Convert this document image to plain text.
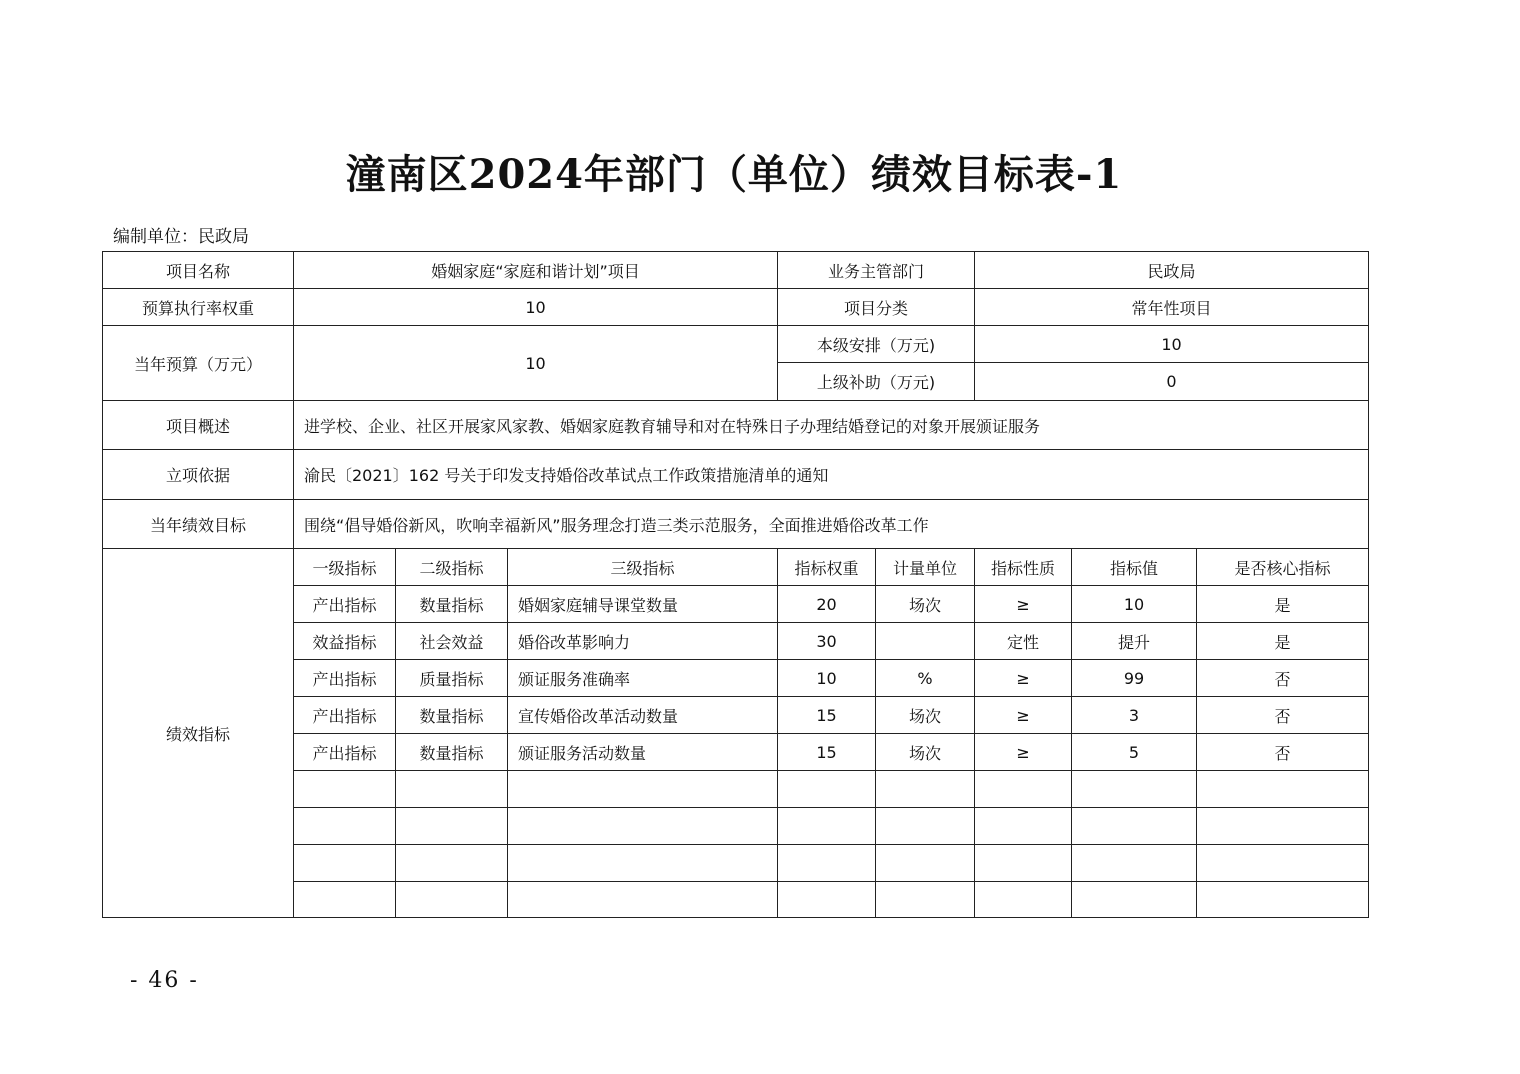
潼南区2024年部门（单位）绩效目标表-1
编制单位：民政局
项目名称	婚姻家庭“家庭和谐计划”项目			业务主管部门		民政局		
预算执行率权重	10			项目分类		常年性项目		
当年预算（万元）	10			本级安排（万元)		10		
				上级补助（万元)		0		
项目概述	进学校、企业、社区开展家风家教、婚姻家庭教育辅导和对在特殊日子办理结婚登记的对象开展颁证服务							
立项依据	渝民〔2021〕162 号关于印发支持婚俗改革试点工作政策措施清单的通知							
当年绩效目标	围绕“倡导婚俗新风，吹响幸福新风”服务理念打造三类示范服务，全面推进婚俗改革工作							
绩效指标	一级指标	二级指标	三级指标	指标权重	计量单位	指标性质	指标值	是否核心指标
	产出指标	数量指标	婚姻家庭辅导课堂数量	20	场次	≥	10	是
	效益指标	社会效益	婚俗改革影响力	30		定性	提升	是
	产出指标	质量指标	颁证服务准确率	10	%	≥	99	否
	产出指标	数量指标	宣传婚俗改革活动数量	15	场次	≥	3	否
	产出指标	数量指标	颁证服务活动数量	15	场次	≥	5	否

- 46 -
